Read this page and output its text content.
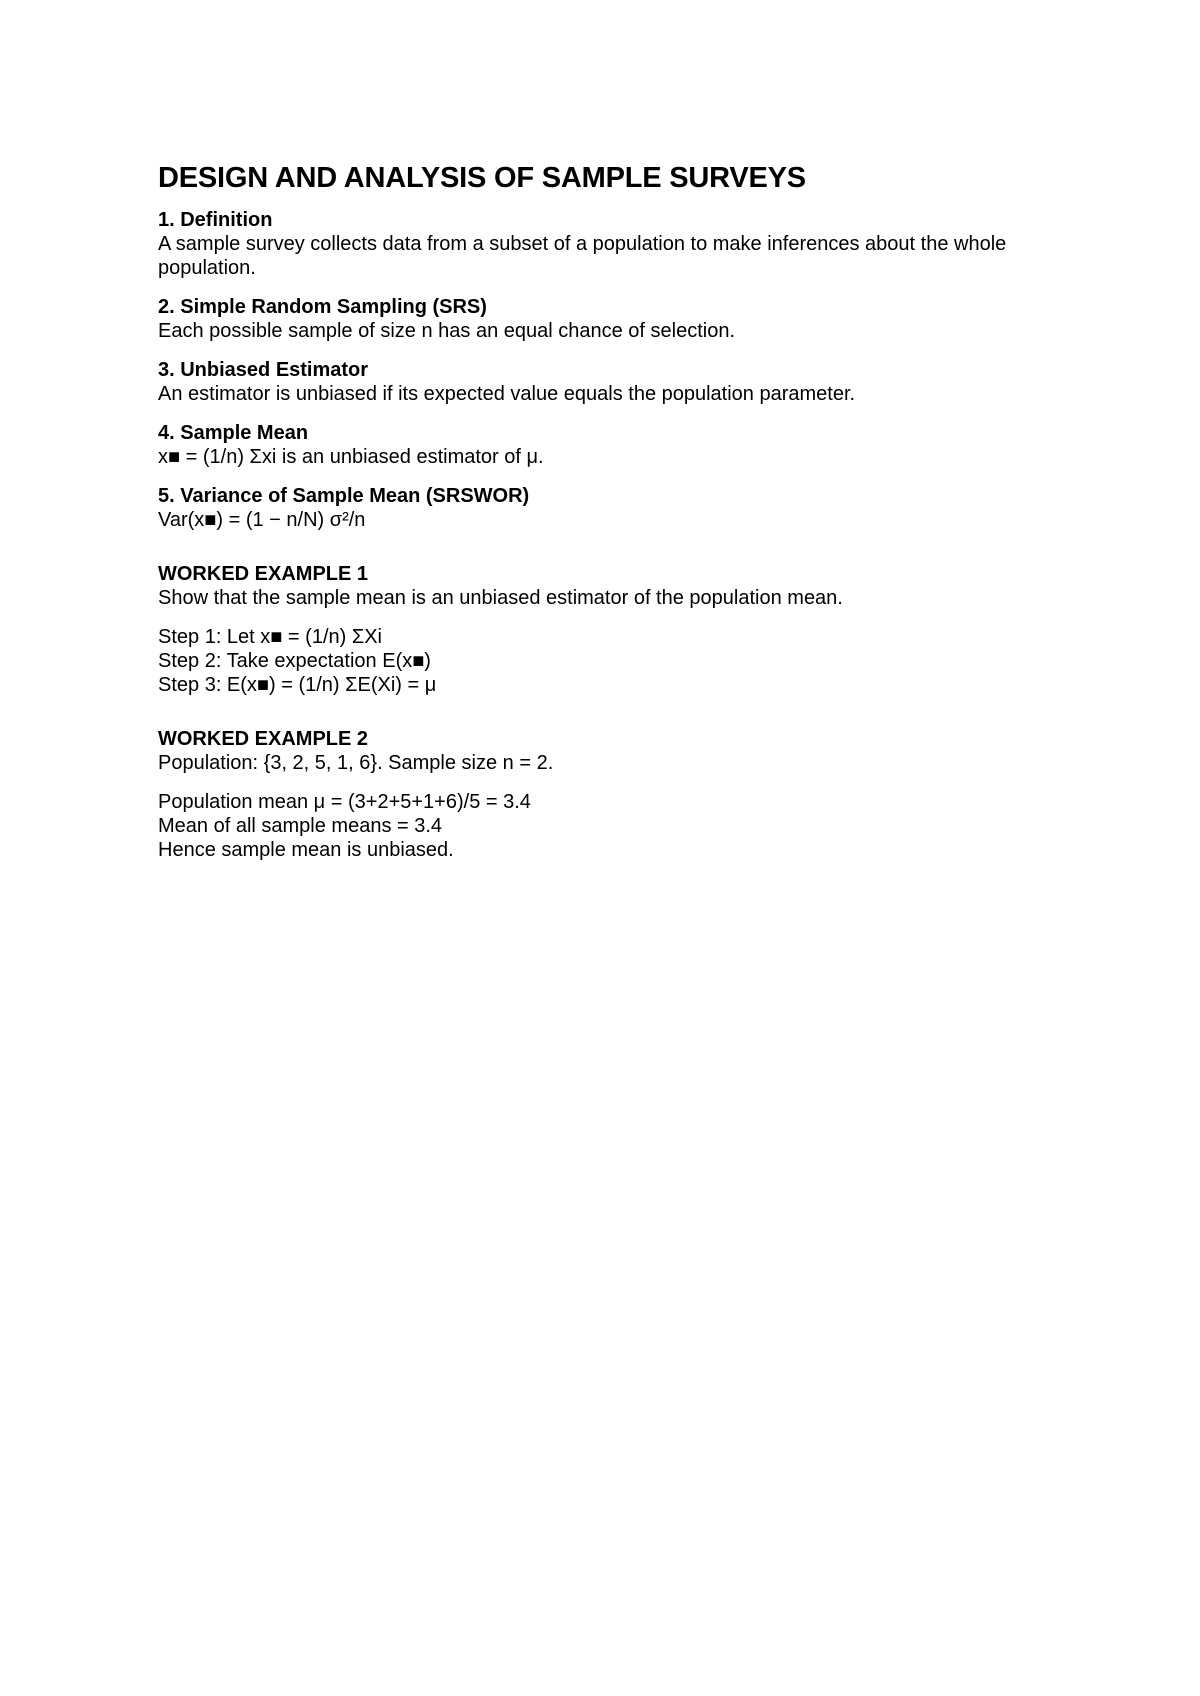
DESIGN AND ANALYSIS OF SAMPLE SURVEYS
1. Definition
A sample survey collects data from a subset of a population to make inferences about the whole population.
2. Simple Random Sampling (SRS)
Each possible sample of size n has an equal chance of selection.
3. Unbiased Estimator
An estimator is unbiased if its expected value equals the population parameter.
4. Sample Mean
x■ = (1/n) Σxi is an unbiased estimator of μ.
5. Variance of Sample Mean (SRSWOR)
Var(x■) = (1 − n/N) σ²/n
WORKED EXAMPLE 1
Show that the sample mean is an unbiased estimator of the population mean.
Step 1: Let x■ = (1/n) ΣXi
Step 2: Take expectation E(x■)
Step 3: E(x■) = (1/n) ΣE(Xi) = μ
WORKED EXAMPLE 2
Population: {3, 2, 5, 1, 6}. Sample size n = 2.
Population mean μ = (3+2+5+1+6)/5 = 3.4
Mean of all sample means = 3.4
Hence sample mean is unbiased.
